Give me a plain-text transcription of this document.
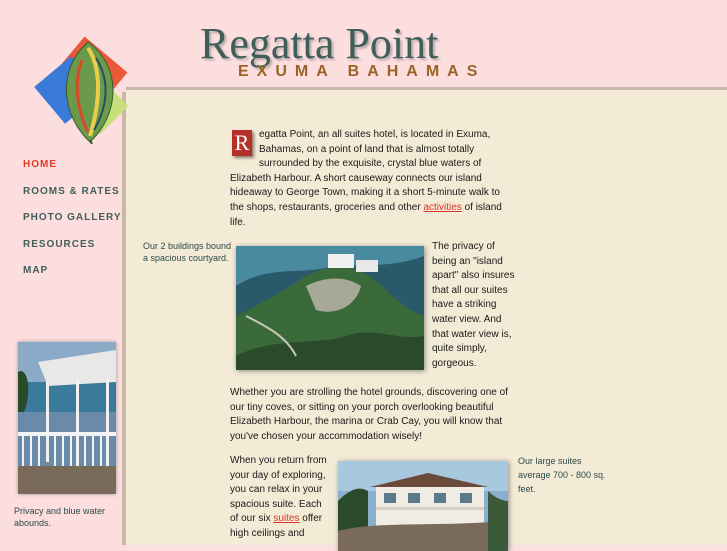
Regatta Point
EXUMA BAHAMAS
HOME
ROOMS & RATES
PHOTO GALLERY
RESOURCES
MAP
Privacy and blue water abounds.
R egatta Point, an all suites hotel, is located in Exuma, Bahamas, on a point of land that is almost totally surrounded by the exquisite, crystal blue waters of Elizabeth Harbour. A short causeway connects our island hideaway to George Town, making it a short 5-minute walk to the shops, restaurants, groceries and other activities of island life.
Our 2 buildings bound a spacious courtyard.
The privacy of being an "island apart" also insures that all our suites have a striking water view. And that water view is, quite simply, gorgeous.
Whether you are strolling the hotel grounds, discovering one of our tiny coves, or sitting on your porch overlooking beautiful Elizabeth Harbour, the marina or Crab Cay, you will know that you've chosen your accommodation wisely!
When you return from your day of exploring, you can relax in your spacious suite. Each of our six suites offer high ceilings and
Our large suites average 700 - 800 sq. feet.
